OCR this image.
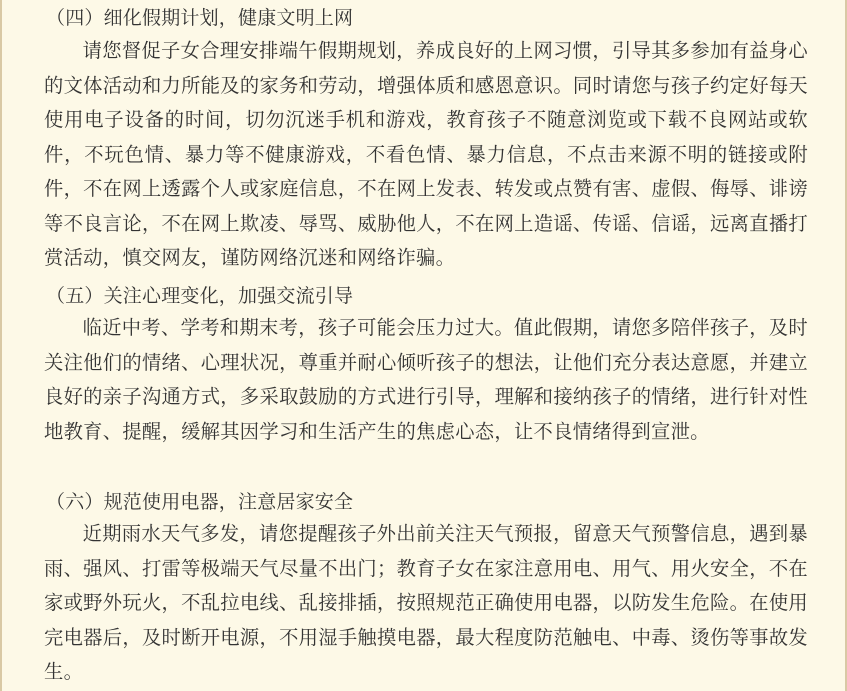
（四）细化假期计划，健康文明上网

请您督促子女合理安排端午假期规划，养成良好的上网习惯，引导其多参加有益身心的文体活动和力所能及的家务和劳动，增强体质和感恩意识。同时请您与孩子约定好每天使用电子设备的时间，切勿沉迷手机和游戏，教育孩子不随意浏览或下载不良网站或软件，不玩色情、暴力等不健康游戏，不看色情、暴力信息，不点击来源不明的链接或附件，不在网上透露个人或家庭信息，不在网上发表、转发或点赞有害、虚假、侮辱、诽谤等不良言论，不在网上欺凌、辱骂、威胁他人，不在网上造谣、传谣、信谣，远离直播打赏活动，慎交网友，谨防网络沉迷和网络诈骗。

（五）关注心理变化，加强交流引导

临近中考、学考和期末考，孩子可能会压力过大。值此假期，请您多陪伴孩子，及时关注他们的情绪、心理状况，尊重并耐心倾听孩子的想法，让他们充分表达意愿，并建立良好的亲子沟通方式，多采取鼓励的方式进行引导，理解和接纳孩子的情绪，进行针对性地教育、提醒，缓解其因学习和生活产生的焦虑心态，让不良情绪得到宣泄。

（六）规范使用电器，注意居家安全

近期雨水天气多发，请您提醒孩子外出前关注天气预报，留意天气预警信息，遇到暴雨、强风、打雷等极端天气尽量不出门；教育子女在家注意用电、用气、用火安全，不在家或野外玩火，不乱拉电线、乱接排插，按照规范正确使用电器，以防发生危险。在使用完电器后，及时断开电源，不用湿手触摸电器，最大程度防范触电、中毒、烫伤等事故发生。
